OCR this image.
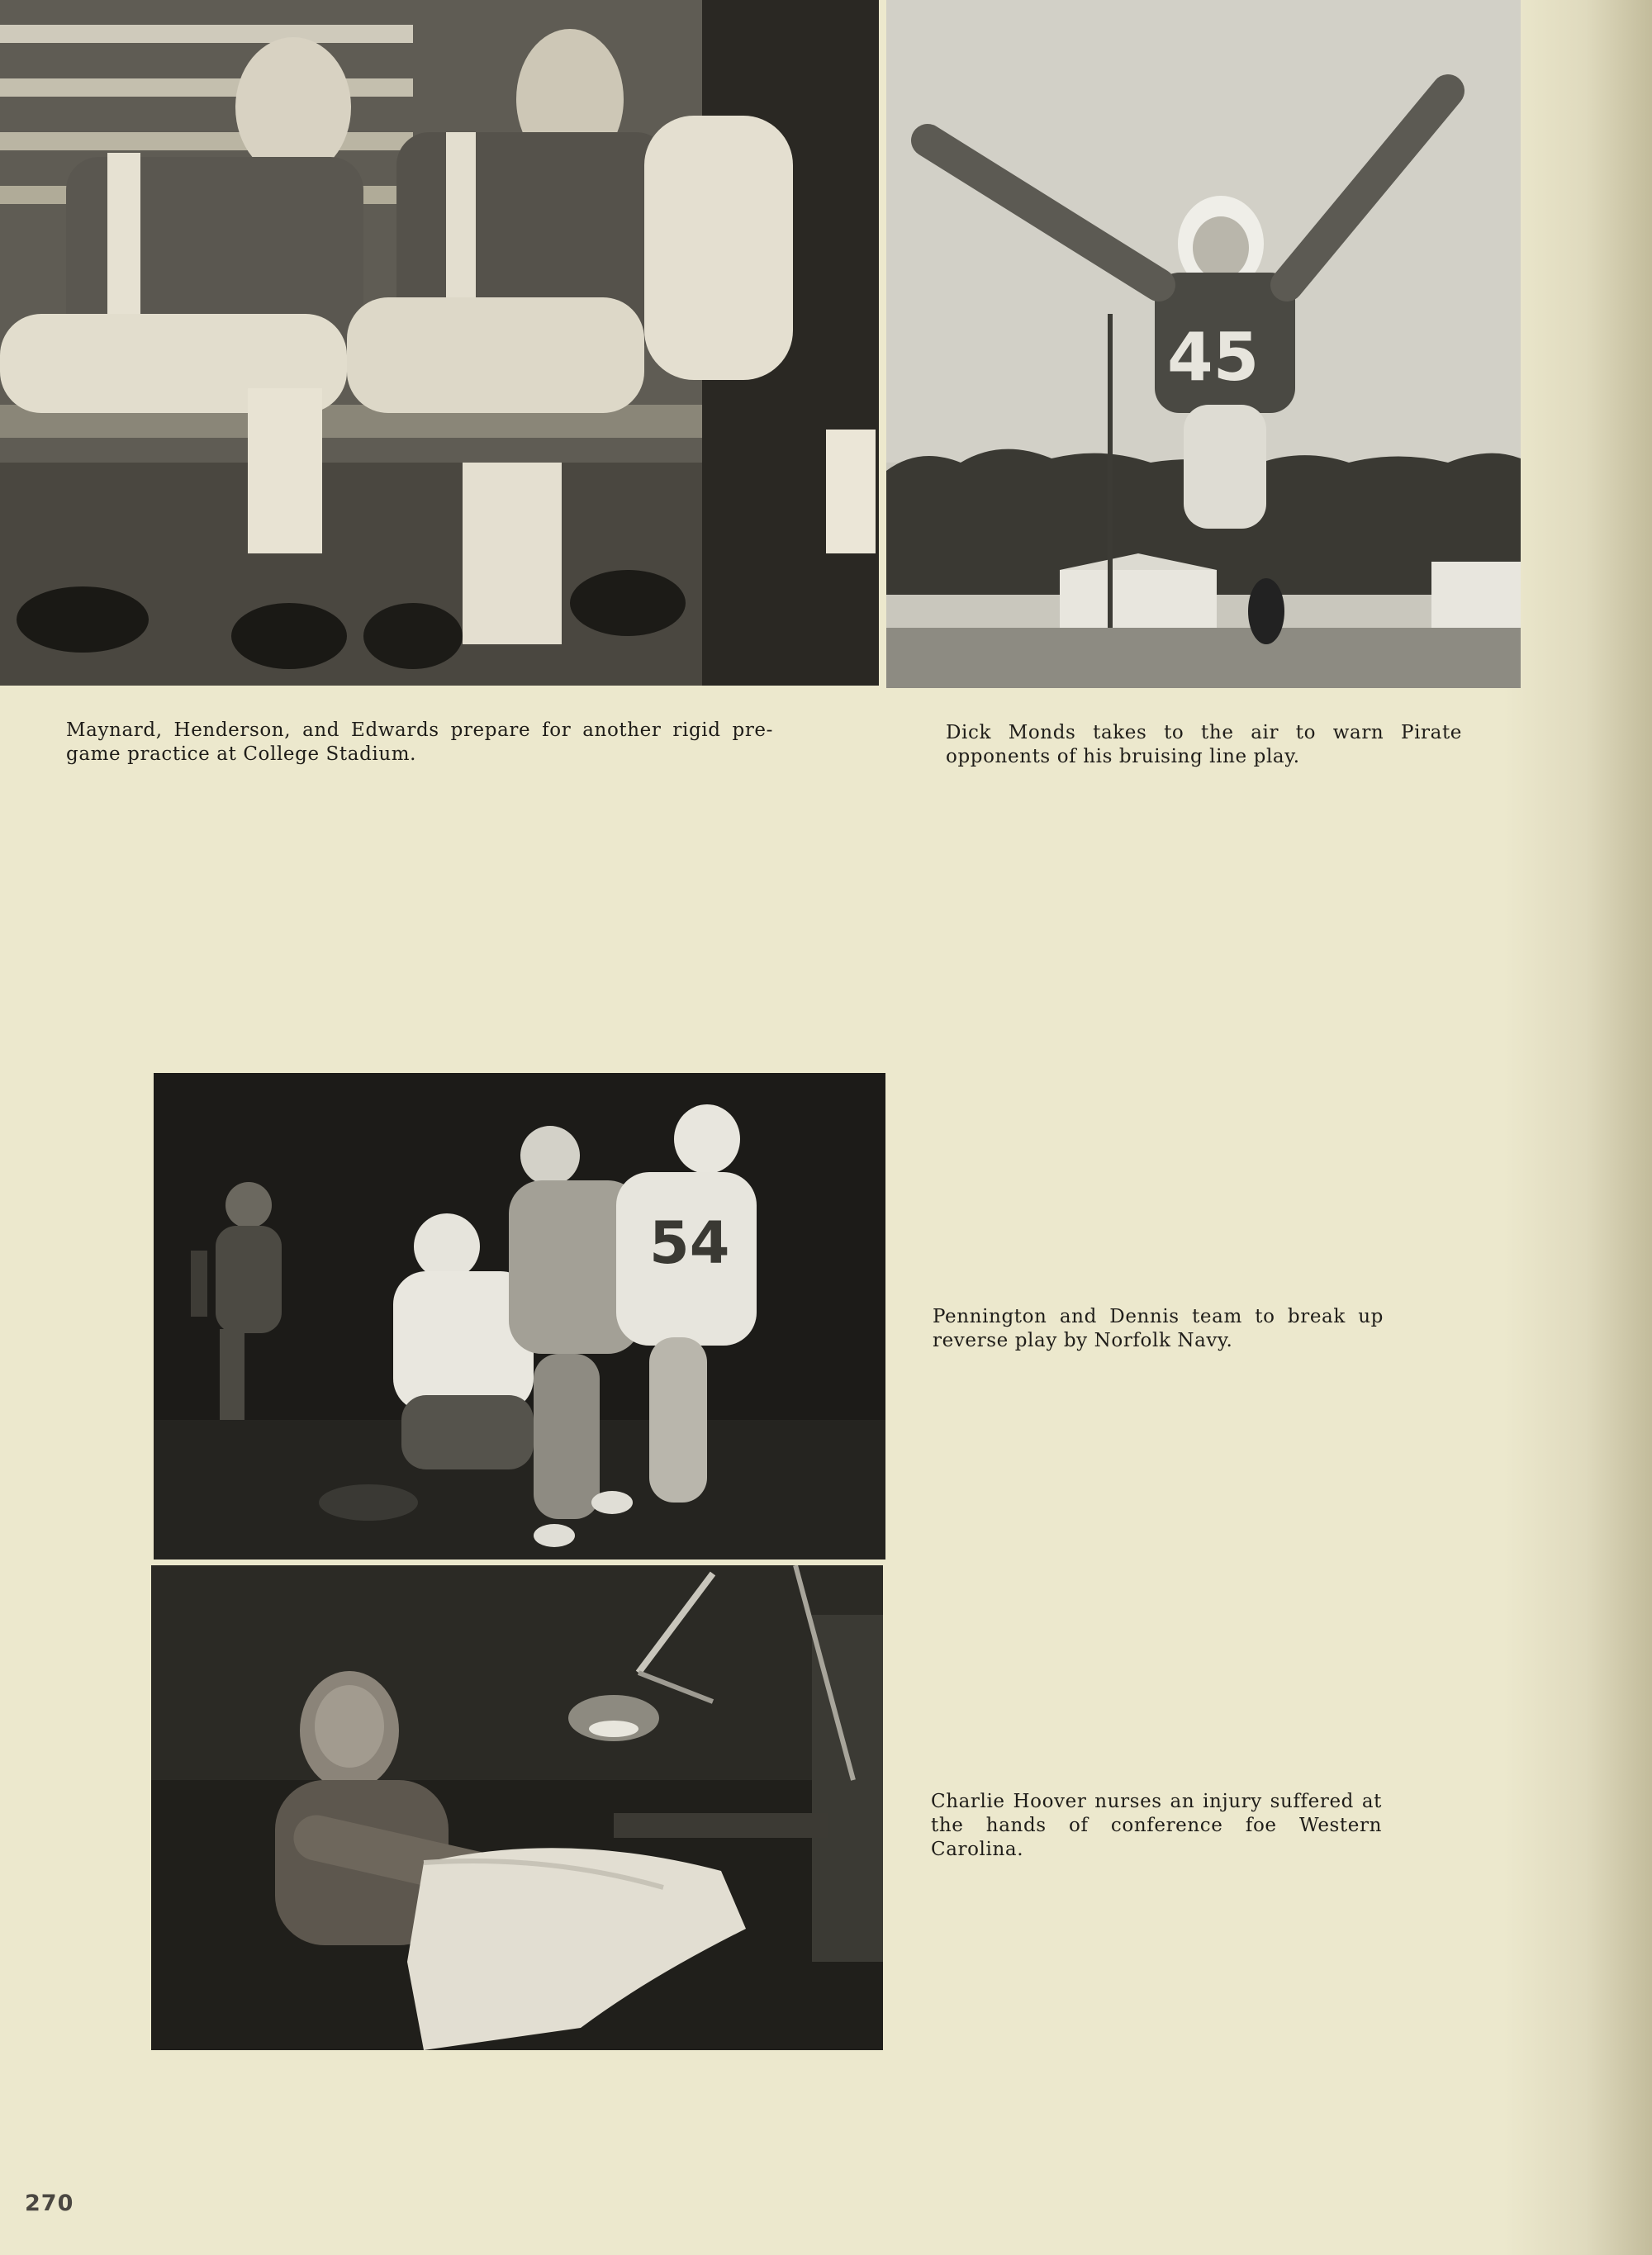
45

Maynard, Henderson, and Edwards prepare for another rigid pre-game practice at College Stadium.

Dick Monds takes to the air to warn Pirate opponents of his bruising line play.

54

Pennington and Dennis team to break up reverse play by Norfolk Navy.

Charlie Hoover nurses an injury suffered at the hands of conference foe Western Carolina.

270
